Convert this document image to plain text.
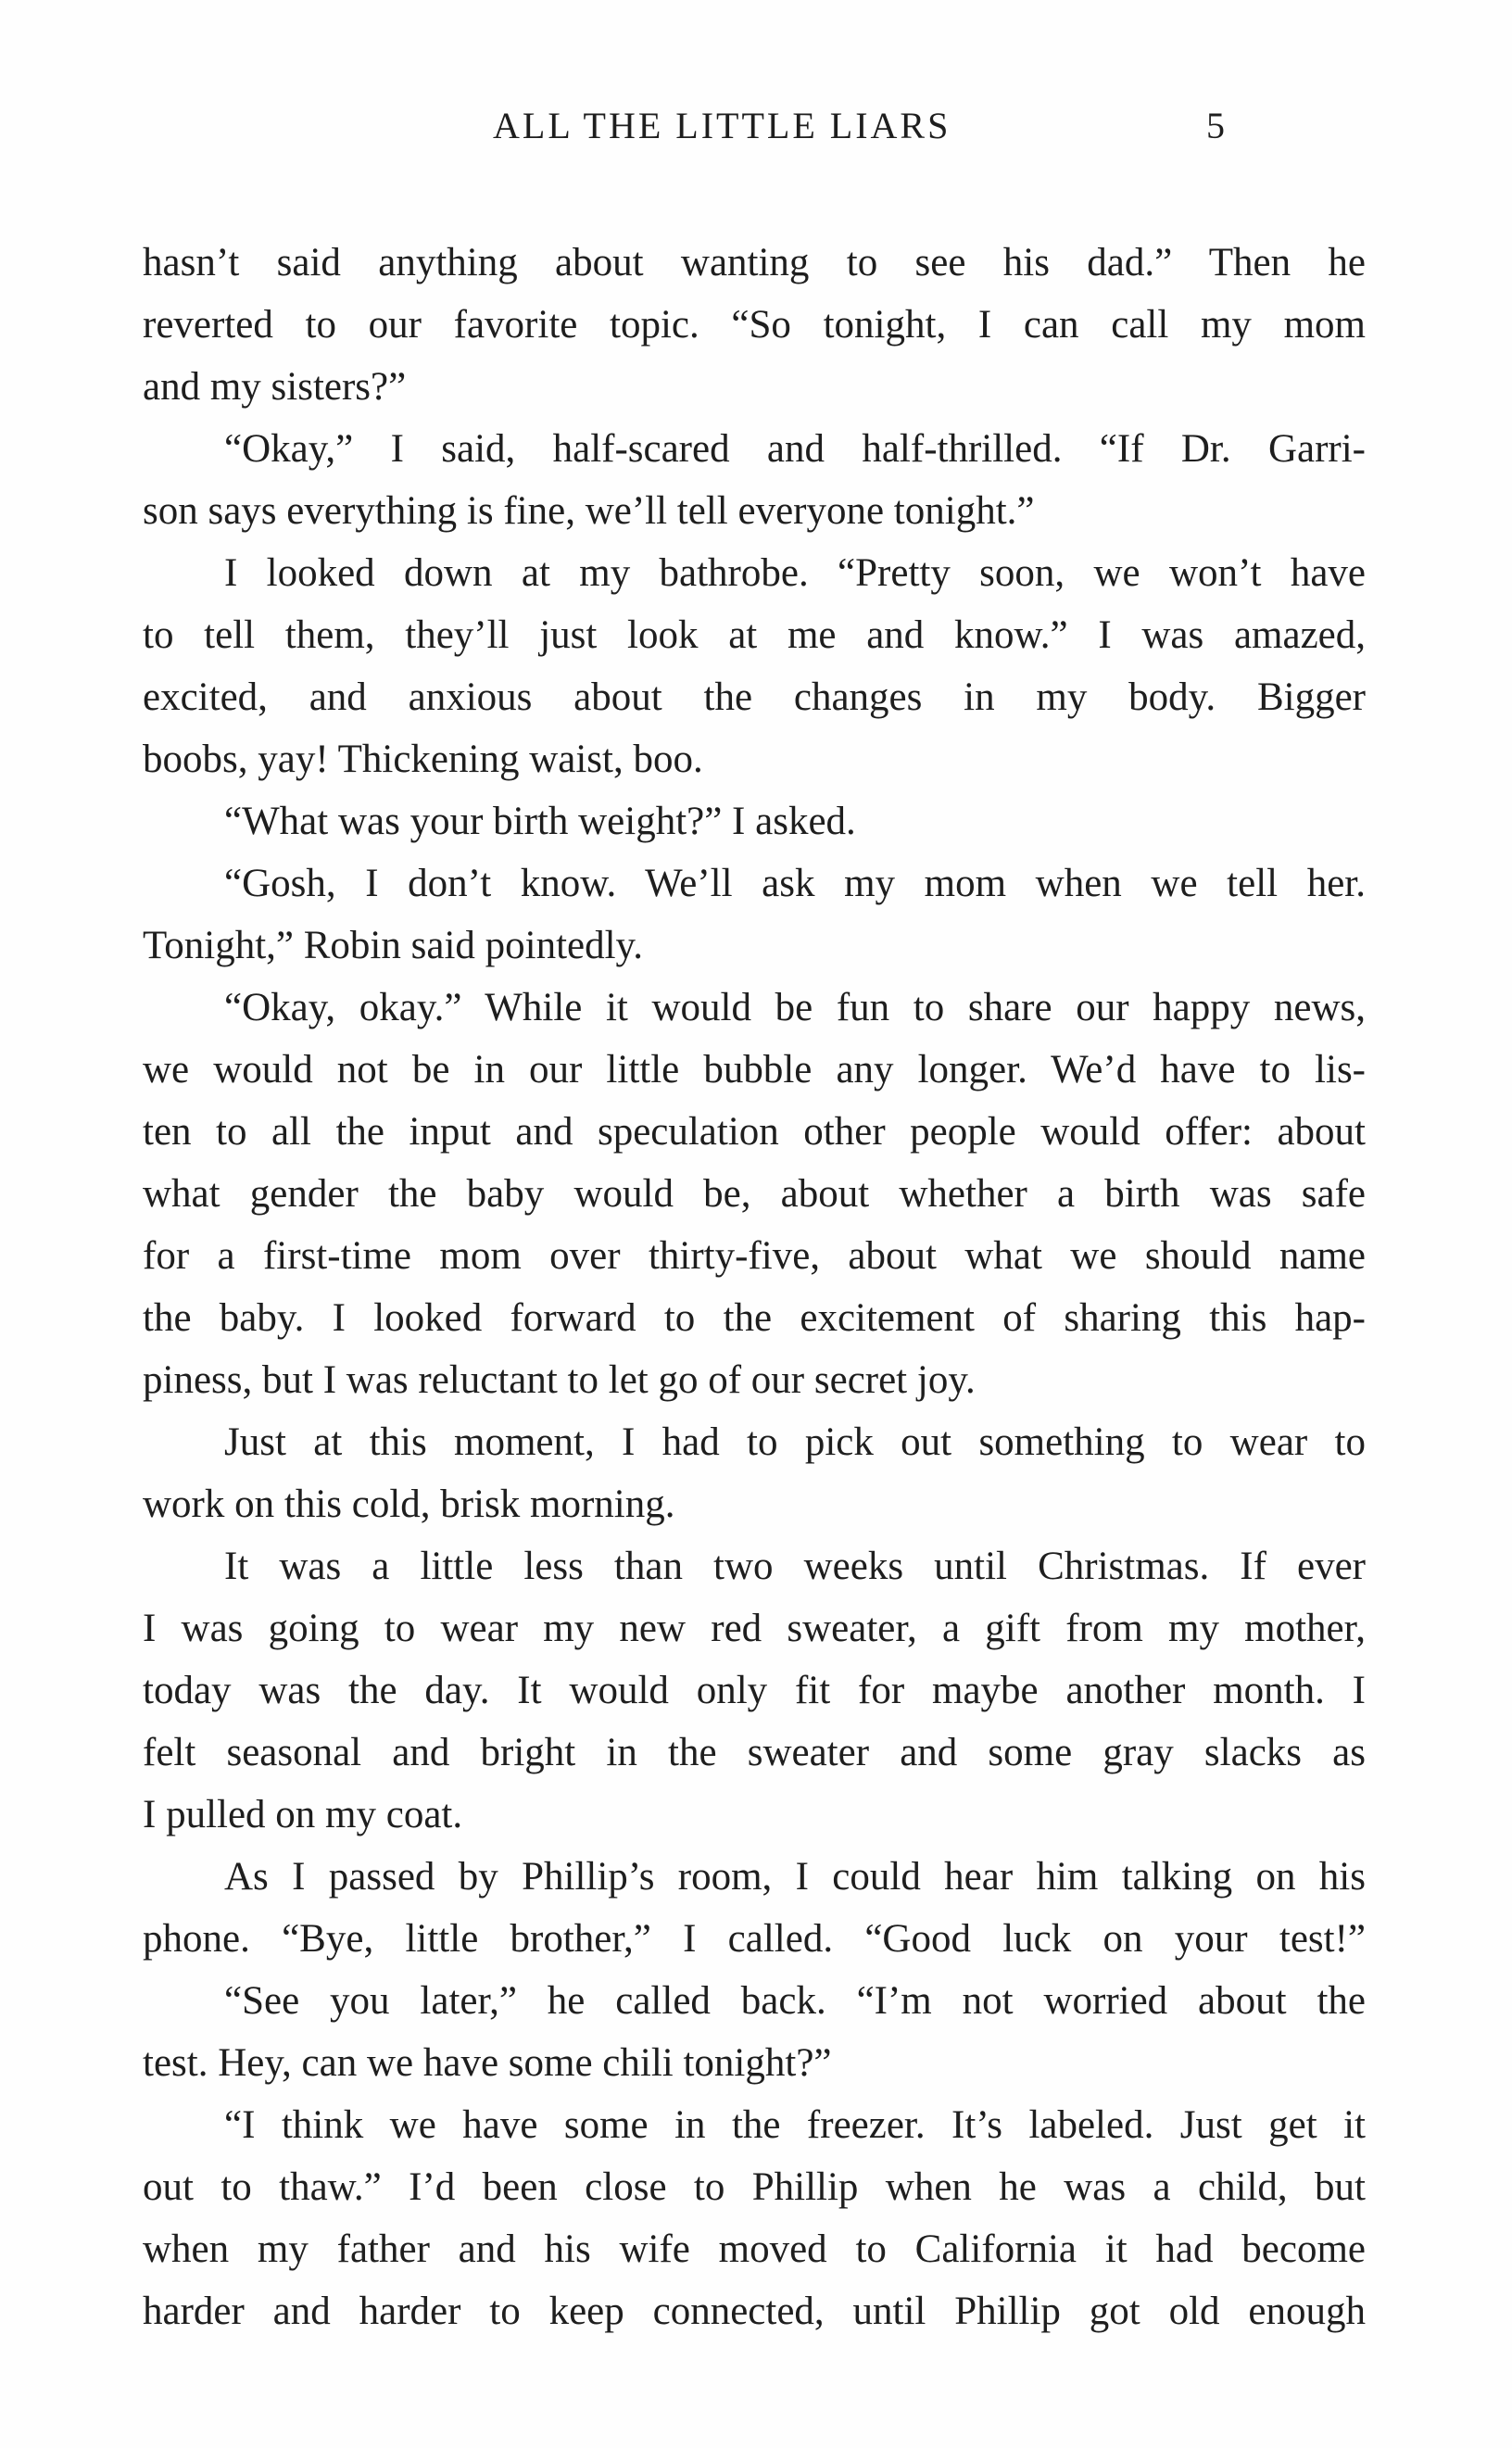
ALL THE LITTLE LIARS	5
hasn’t said anything about wanting to see his dad.” Then he
reverted to our favorite topic. “So tonight, I can call my mom
and my sisters?”
“Okay,” I said, half-scared and half-thrilled. “If Dr. Garri-
son says everything is fine, we’ll tell everyone tonight.”
I looked down at my bathrobe. “Pretty soon, we won’t have
to tell them, they’ll just look at me and know.” I was amazed,
excited, and anxious about the changes in my body. Bigger
boobs, yay! Thickening waist, boo.
“What was your birth weight?” I asked.
“Gosh, I don’t know. We’ll ask my mom when we tell her.
Tonight,” Robin said pointedly.
“Okay, okay.” While it would be fun to share our happy news,
we would not be in our little bubble any longer. We’d have to lis-
ten to all the input and speculation other people would offer: about
what gender the baby would be, about whether a birth was safe
for a first-time mom over thirty-five, about what we should name
the baby. I looked forward to the excitement of sharing this hap-
piness, but I was reluctant to let go of our secret joy.
Just at this moment, I had to pick out something to wear to
work on this cold, brisk morning.
It was a little less than two weeks until Christmas. If ever
I was going to wear my new red sweater, a gift from my mother,
today was the day. It would only fit for maybe another month. I
felt seasonal and bright in the sweater and some gray slacks as
I pulled on my coat.
As I passed by Phillip’s room, I could hear him talking on his
phone. “Bye, little brother,” I called. “Good luck on your test!”
“See you later,” he called back. “I’m not worried about the
test. Hey, can we have some chili tonight?”
“I think we have some in the freezer. It’s labeled. Just get it
out to thaw.” I’d been close to Phillip when he was a child, but
when my father and his wife moved to California it had become
harder and harder to keep connected, until Phillip got old enough
